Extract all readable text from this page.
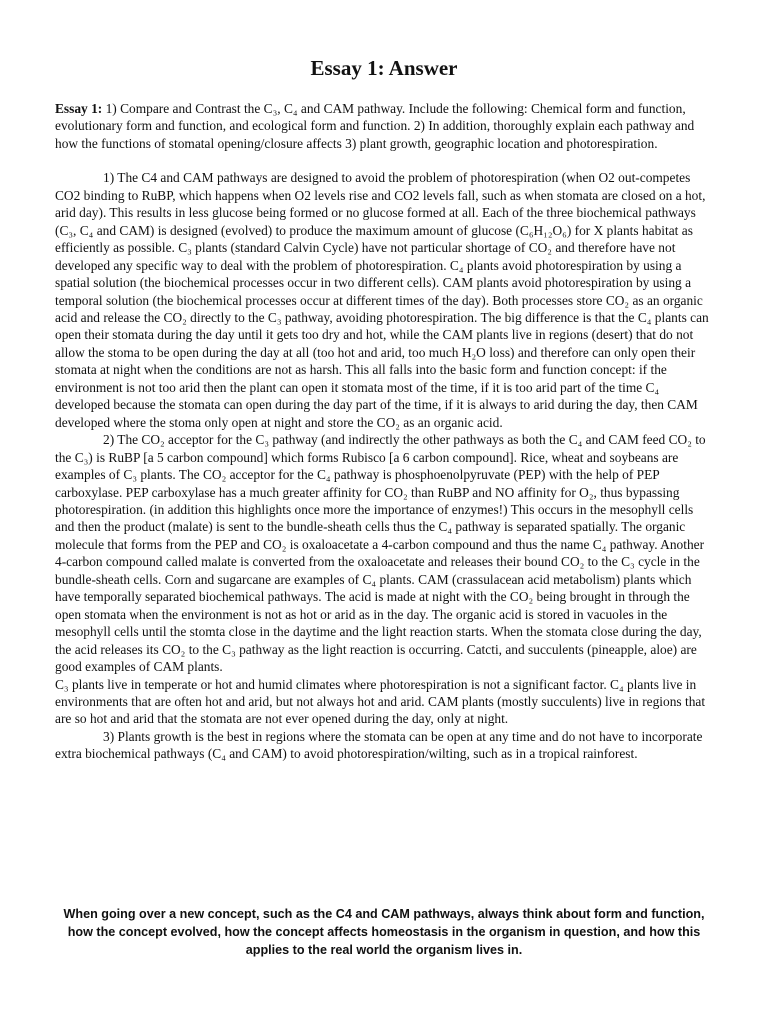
Essay 1: Answer

Essay 1: 1) Compare and Contrast the C₃, C₄ and CAM pathway. Include the following: Chemical form and function, evolutionary form and function, and ecological form and function. 2) In addition, thoroughly explain each pathway and how the functions of stomatal opening/closure affects 3) plant growth, geographic location and photorespiration.

1) The C4 and CAM pathways are designed to avoid the problem of photorespiration (when O2 out-competes CO2 binding to RuBP, which happens when O2 levels rise and CO2 levels fall, such as when stomata are closed on a hot, arid day). This results in less glucose being formed or no glucose formed at all. Each of the three biochemical pathways (C₃, C₄ and CAM) is designed (evolved) to produce the maximum amount of glucose (C₆H₁₂O₆) for X plants habitat as efficiently as possible. C₃ plants (standard Calvin Cycle) have not particular shortage of CO₂ and therefore have not developed any specific way to deal with the problem of photorespiration. C₄ plants avoid photorespiration by using a spatial solution (the biochemical processes occur in two different cells). CAM plants avoid photorespiration by using a temporal solution (the biochemical processes occur at different times of the day). Both processes store CO₂ as an organic acid and release the CO₂ directly to the C₃ pathway, avoiding photorespiration. The big difference is that the C₄ plants can open their stomata during the day until it gets too dry and hot, while the CAM plants live in regions (desert) that do not allow the stoma to be open during the day at all (too hot and arid, too much H₂O loss) and therefore can only open their stomata at night when the conditions are not as harsh. This all falls into the basic form and function concept: if the environment is not too arid then the plant can open it stomata most of the time, if it is too arid part of the time C₄ developed because the stomata can open during the day part of the time, if it is always to arid during the day, then CAM developed where the stoma only open at night and store the CO₂ as an organic acid.

2) The CO₂ acceptor for the C₃ pathway (and indirectly the other pathways as both the C₄ and CAM feed CO₂ to the C₃) is RuBP [a 5 carbon compound] which forms Rubisco [a 6 carbon compound]. Rice, wheat and soybeans are examples of C₃ plants. The CO₂ acceptor for the C₄ pathway is phosphoenolpyruvate (PEP) with the help of PEP carboxylase. PEP carboxylase has a much greater affinity for CO₂ than RuBP and NO affinity for O₂, thus bypassing photorespiration. (in addition this highlights once more the importance of enzymes!) This occurs in the mesophyll cells and then the product (malate) is sent to the bundle-sheath cells thus the C₄ pathway is separated spatially. The organic molecule that forms from the PEP and CO₂ is oxaloacetate a 4-carbon compound and thus the name C₄ pathway. Another 4-carbon compound called malate is converted from the oxaloacetate and releases their bound CO₂ to the C₃ cycle in the bundle-sheath cells. Corn and sugarcane are examples of C₄ plants. CAM (crassulacean acid metabolism) plants which have temporally separated biochemical pathways. The acid is made at night with the CO₂ being brought in through the open stomata when the environment is not as hot or arid as in the day. The organic acid is stored in vacuoles in the mesophyll cells until the stomta close in the daytime and the light reaction starts. When the stomata close during the day, the acid releases its CO₂ to the C₃ pathway as the light reaction is occurring. Catcti, and succulents (pineapple, aloe) are good examples of CAM plants.

C₃ plants live in temperate or hot and humid climates where photorespiration is not a significant factor. C₄ plants live in environments that are often hot and arid, but not always hot and arid. CAM plants (mostly succulents) live in regions that are so hot and arid that the stomata are not ever opened during the day, only at night.

3) Plants growth is the best in regions where the stomata can be open at any time and do not have to incorporate extra biochemical pathways (C₄ and CAM) to avoid photorespiration/wilting, such as in a tropical rainforest.

When going over a new concept, such as the C4 and CAM pathways, always think about form and function, how the concept evolved, how the concept affects homeostasis in the organism in question, and how this applies to the real world the organism lives in.
